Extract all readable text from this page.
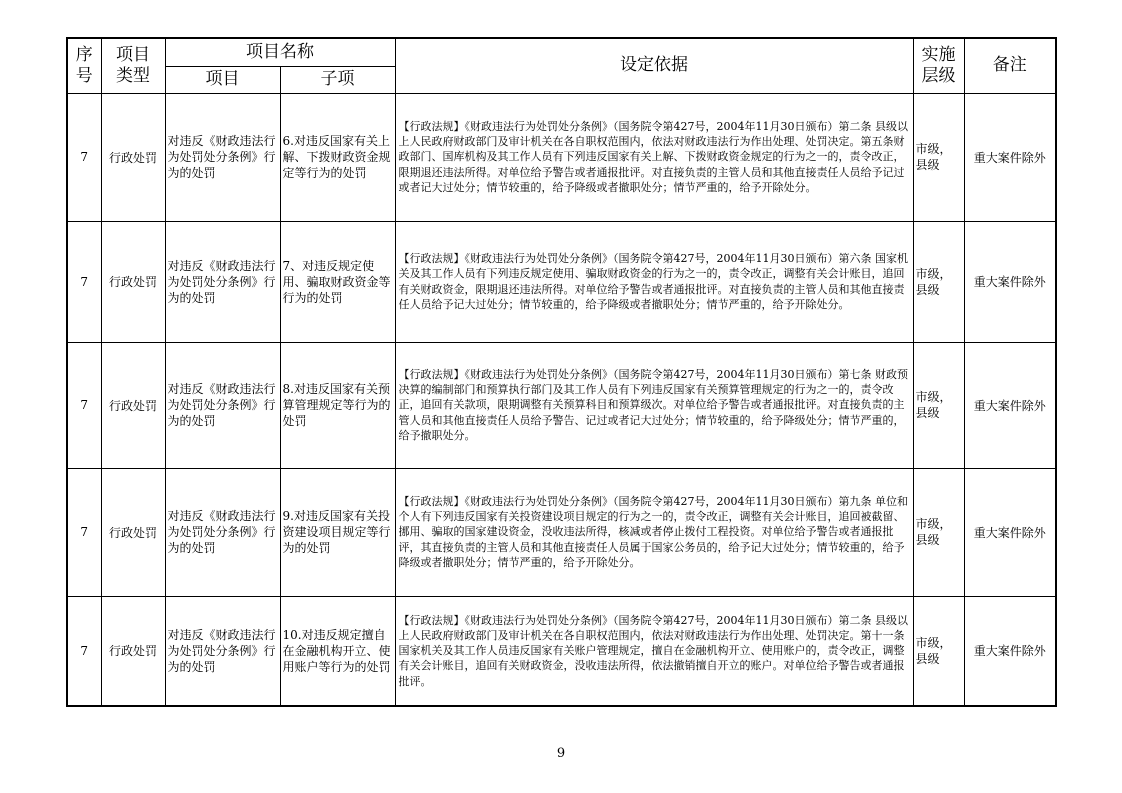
序号	项目类型	项目名称		设定依据	实施层级	备注
		项目	子项			
7	行政处罚	对违反《财政违法行为处罚处分条例》行为的处罚	6.对违反国家有关上解、下拨财政资金规定等行为的处罚	【行政法规】《财政违法行为处罚处分条例》（国务院令第427号，2004年11月30日颁布）第二条 县级以上人民政府财政部门及审计机关在各自职权范围内，依法对财政违法行为作出处理、处罚决定。第五条财政部门、国库机构及其工作人员有下列违反国家有关上解、下拨财政资金规定的行为之一的，责令改正，限期退还违法所得。对单位给予警告或者通报批评。对直接负责的主管人员和其他直接责任人员给予记过或者记大过处分；情节较重的，给予降级或者撤职处分；情节严重的，给予开除处分。	市级，县级	重大案件除外
7	行政处罚	对违反《财政违法行为处罚处分条例》行为的处罚	7、对违反规定使用、骗取财政资金等行为的处罚	【行政法规】《财政违法行为处罚处分条例》（国务院令第427号，2004年11月30日颁布）第六条 国家机关及其工作人员有下列违反规定使用、骗取财政资金的行为之一的，责令改正，调整有关会计账目，追回有关财政资金，限期退还违法所得。对单位给予警告或者通报批评。对直接负责的主管人员和其他直接责任人员给予记大过处分；情节较重的，给予降级或者撤职处分；情节严重的，给予开除处分。	市级，县级	重大案件除外
7	行政处罚	对违反《财政违法行为处罚处分条例》行为的处罚	8.对违反国家有关预算管理规定等行为的处罚	【行政法规】《财政违法行为处罚处分条例》（国务院令第427号，2004年11月30日颁布）第七条 财政预决算的编制部门和预算执行部门及其工作人员有下列违反国家有关预算管理规定的行为之一的，责令改正，追回有关款项，限期调整有关预算科目和预算级次。对单位给予警告或者通报批评。对直接负责的主管人员和其他直接责任人员给予警告、记过或者记大过处分；情节较重的，给予降级处分；情节严重的，给予撤职处分。	市级，县级	重大案件除外
7	行政处罚	对违反《财政违法行为处罚处分条例》行为的处罚	9.对违反国家有关投资建设项目规定等行为的处罚	【行政法规】《财政违法行为处罚处分条例》（国务院令第427号，2004年11月30日颁布）第九条 单位和个人有下列违反国家有关投资建设项目规定的行为之一的，责令改正，调整有关会计账目，追回被截留、挪用、骗取的国家建设资金，没收违法所得，核减或者停止拨付工程投资。对单位给予警告或者通报批评，其直接负责的主管人员和其他直接责任人员属于国家公务员的，给予记大过处分；情节较重的，给予降级或者撤职处分；情节严重的，给予开除处分。	市级，县级	重大案件除外
7	行政处罚	对违反《财政违法行为处罚处分条例》行为的处罚	10.对违反规定擅自在金融机构开立、使用账户等行为的处罚	【行政法规】《财政违法行为处罚处分条例》（国务院令第427号，2004年11月30日颁布）第二条 县级以上人民政府财政部门及审计机关在各自职权范围内，依法对财政违法行为作出处理、处罚决定。第十一条国家机关及其工作人员违反国家有关账户管理规定，擅自在金融机构开立、使用账户的，责令改正，调整有关会计账目，追回有关财政资金，没收违法所得，依法撤销擅自开立的账户。对单位给予警告或者通报批评。	市级，县级	重大案件除外
9
